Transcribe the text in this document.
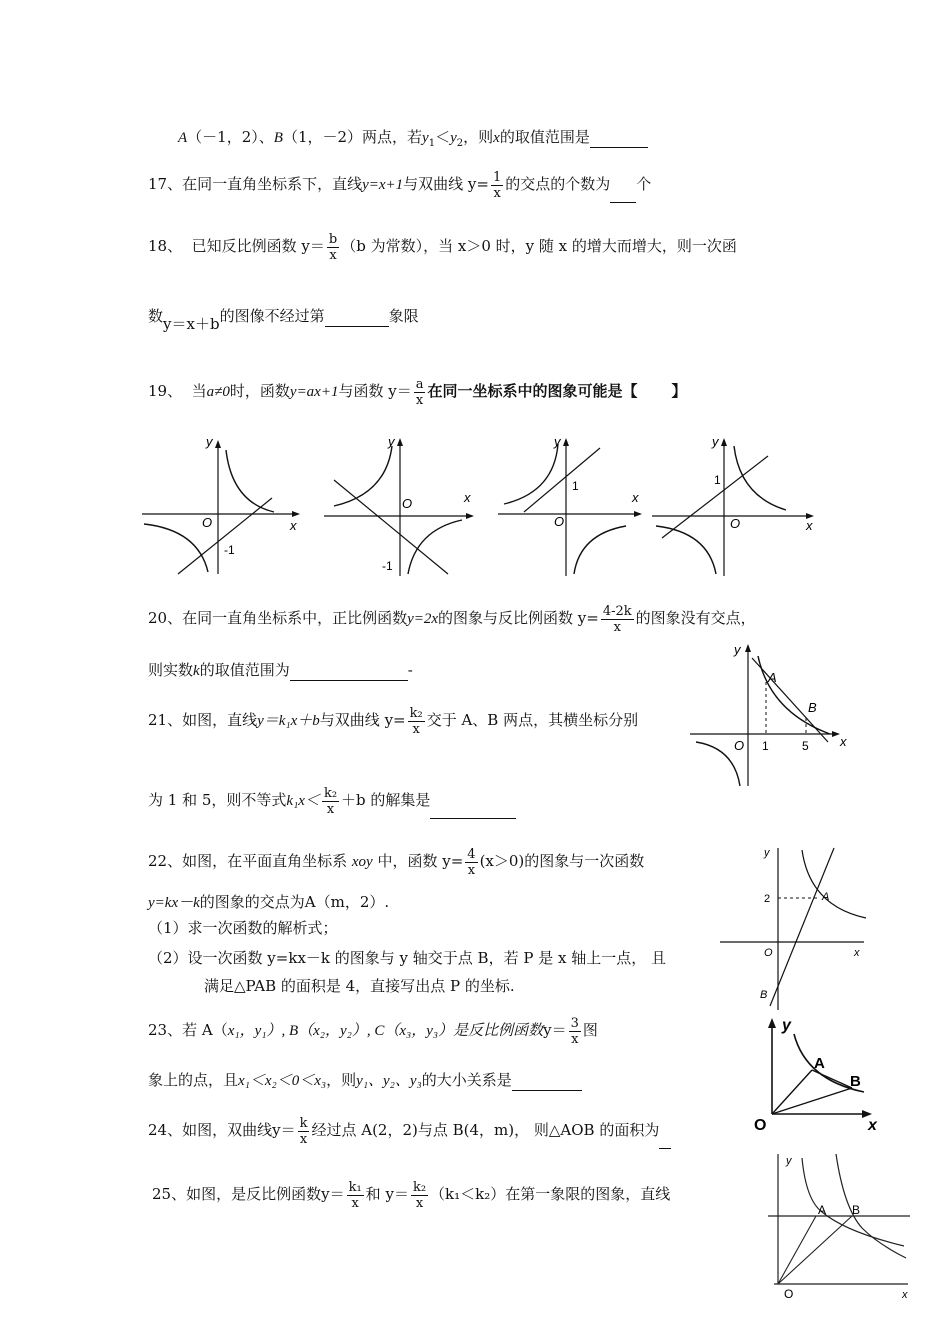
A（－1，2）、B（1，－2）两点，若$y_1<y_2$，则x的取值范围是
17、在同一直角坐标系下，直线y=x+1与双曲线 $y= \frac{1}{x}$ 的交点的个数为 个
18、 已知反比例函数 $y= \frac{b}{x} (b$ 为常数），当 x＞0 时，y 随 x 的增大而增大，则一次函
数y＝x＋b的图像不经过第	象限
19、 当a≠0时，函数y=ax+1与函数 $y= \frac{a}{x}$ 在同一坐标系中的图象可能是【 】
y
O	x
-1
y
O	x
-1
y
O
x
1
y
O	x
1
20、在同一直角坐标系中，正比例函数y=2x的图象与反比例函数 $y= \frac{4-2k}{x}$ 的图象没有交点，
则实数k的取值范围为	-
21、如图，直线y＝k₁x＋b与双曲线 $y= \frac{\text{k₂}}{x}$ 交于 A、B 两点，其横坐标分别
为 1 和 5，则不等式$k_1x< \frac{\text{k₂}}{x} +b$ 的解集是
y
A
B
O 1	5 x
22、如图，在平面直角坐标系 xoy 中，函数 $y= \frac{4}{x} (x>0)$的图象与一次函数
y=kx－k的图象的交点为A（m，2）.
（1）求一次函数的解析式；
（2）设一次函数 y=kx－k 的图象与 y 轴交于点 B，若 P 是 x 轴上一点， 且
满足△PAB 的面积是 4，直接写出点 P 的坐标.
y
2	A
O	x
B
23、若 A（x₁，y₁）, B（x₂，y₂）, C（x₃，y₃）是反比例函数$y= \frac{3}{x}$ 图
象上的点，且x₁＜x₂＜0＜x₃，则y₁、y₂、y₃的大小关系是
y
A
B
O	x
24、如图，双曲线$y= \frac{k}{x}$ 经过点 A(2，2)与点 B(4，m)， 则△AOB 的面积为
25、如图，是反比例函数$y= \frac{\text{k₁}}{x}$ 和 $y= \frac{\text{k₂}}{x} (k_1<k_2)$在第一象限的图象，直线
y
A B
O	x
